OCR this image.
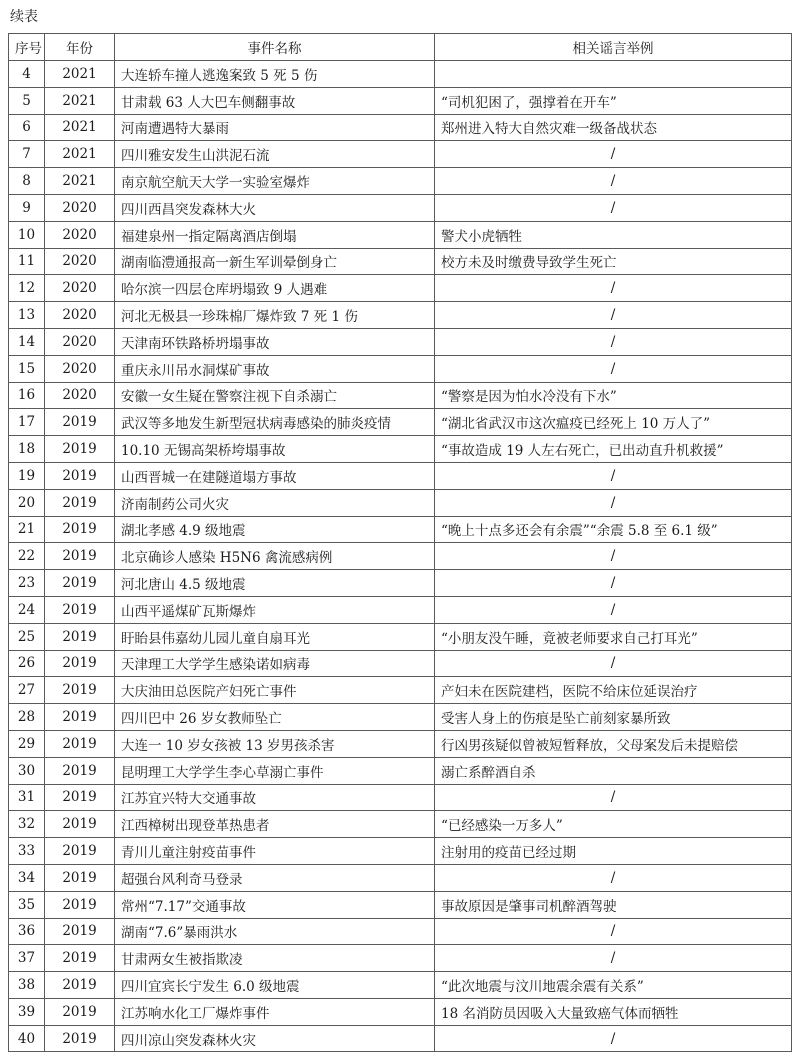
续表
序号	年份	事件名称	相关谣言举例
4	2021	大连轿车撞人逃逸案致 5 死 5 伤	
5	2021	甘肃载 63 人大巴车侧翻事故	“司机犯困了，强撑着在开车”
6	2021	河南遭遇特大暴雨	郑州进入特大自然灾难一级备战状态
7	2021	四川雅安发生山洪泥石流	/
8	2021	南京航空航天大学一实验室爆炸	/
9	2020	四川西昌突发森林大火	/
10	2020	福建泉州一指定隔离酒店倒塌	警犬小虎牺牲
11	2020	湖南临澧通报高一新生军训晕倒身亡	校方未及时缴费导致学生死亡
12	2020	哈尔滨一四层仓库坍塌致 9 人遇难	/
13	2020	河北无极县一珍珠棉厂爆炸致 7 死 1 伤	/
14	2020	天津南环铁路桥坍塌事故	/
15	2020	重庆永川吊水洞煤矿事故	/
16	2020	安徽一女生疑在警察注视下自杀溺亡	“警察是因为怕水冷没有下水”
17	2019	武汉等多地发生新型冠状病毒感染的肺炎疫情	“湖北省武汉市这次瘟疫已经死上 10 万人了”
18	2019	10.10 无锡高架桥垮塌事故	“事故造成 19 人左右死亡，已出动直升机救援”
19	2019	山西晋城一在建隧道塌方事故	/
20	2019	济南制药公司火灾	/
21	2019	湖北孝感 4.9 级地震	“晚上十点多还会有余震”“余震 5.8 至 6.1 级”
22	2019	北京确诊人感染 H5N6 禽流感病例	/
23	2019	河北唐山 4.5 级地震	/
24	2019	山西平遥煤矿瓦斯爆炸	/
25	2019	盱眙县伟嘉幼儿园儿童自扇耳光	“小朋友没午睡，竟被老师要求自己打耳光”
26	2019	天津理工大学学生感染诺如病毒	/
27	2019	大庆油田总医院产妇死亡事件	产妇未在医院建档，医院不给床位延误治疗
28	2019	四川巴中 26 岁女教师坠亡	受害人身上的伤痕是坠亡前刻家暴所致
29	2019	大连一 10 岁女孩被 13 岁男孩杀害	行凶男孩疑似曾被短暂释放，父母案发后未提赔偿
30	2019	昆明理工大学学生李心草溺亡事件	溺亡系醉酒自杀
31	2019	江苏宜兴特大交通事故	/
32	2019	江西樟树出现登革热患者	“已经感染一万多人”
33	2019	青川儿童注射疫苗事件	注射用的疫苗已经过期
34	2019	超强台风利奇马登录	/
35	2019	常州“7.17”交通事故	事故原因是肇事司机醉酒驾驶
36	2019	湖南“7.6”暴雨洪水	/
37	2019	甘肃两女生被指欺凌	/
38	2019	四川宜宾长宁发生 6.0 级地震	“此次地震与汶川地震余震有关系”
39	2019	江苏响水化工厂爆炸事件	18 名消防员因吸入大量致癌气体而牺牲
40	2019	四川凉山突发森林火灾	/
